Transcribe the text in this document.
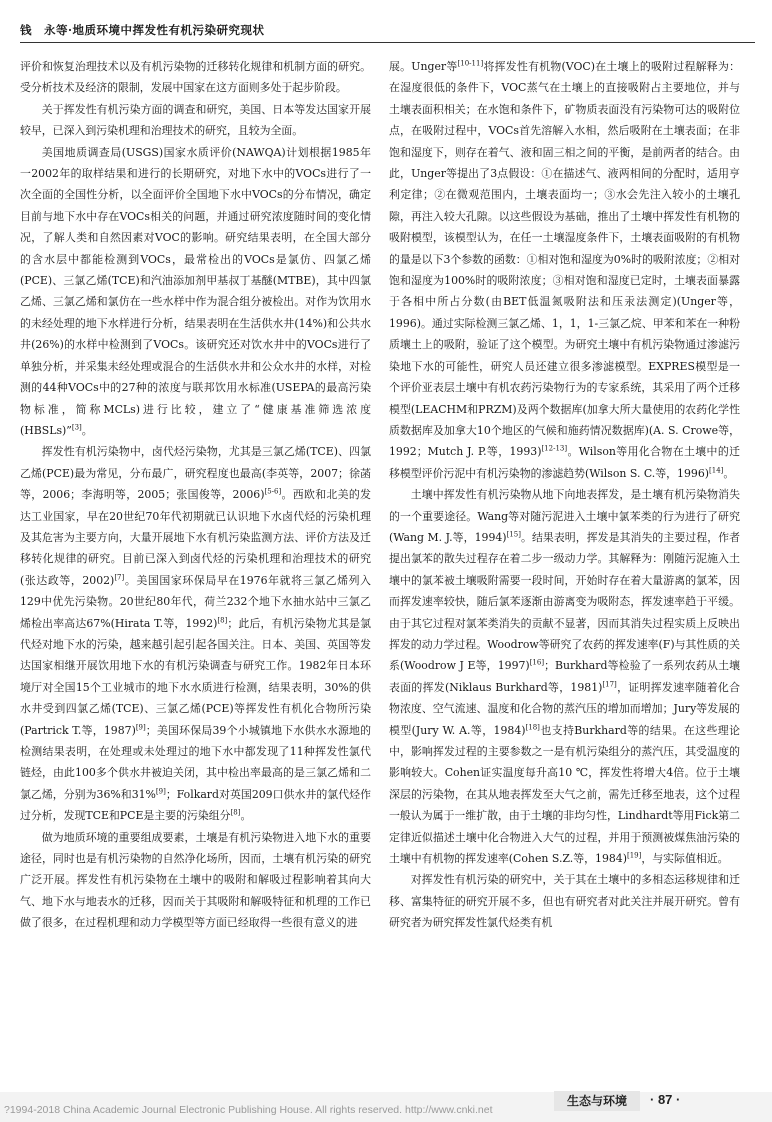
钱　永等·地质环境中挥发性有机污染研究现状

评价和恢复治理技术以及有机污染物的迁移转化规律和机制方面的研究。受分析技术及经济的限制，发展中国家在这方面则多处于起步阶段。

关于挥发性有机污染方面的调查和研究，美国、日本等发达国家开展较早，已深入到污染机理和治理技术的研究，且较为全面。

美国地质调查局(USGS)国家水质评价(NAWQA)计划根据1985年一2002年的取样结果和进行的长期研究，对地下水中的VOCs进行了一次全面的全国性分析，以全面评价全国地下水中VOCs的分布情况，确定目前与地下水中存在VOCs相关的问题，并通过研究浓度随时间的变化情况，了解人类和自然因素对VOC的影响。研究结果表明，在全国大部分的含水层中都能检测到VOCs，最常检出的VOCs是氯仿、四氯乙烯(PCE)、三氯乙烯(TCE)和汽油添加剂甲基叔丁基醚(MTBE)，其中四氯乙烯、三氯乙烯和氯仿在一些水样中作为混合组分被检出。对作为饮用水的未经处理的地下水样进行分析，结果表明在生活供水井(14%)和公共水井(26%)的水样中检测到了VOCs。该研究还对饮水井中的VOCs进行了单独分析，并采集未经处理或混合的生活供水井和公众水井的水样，对检测的44种VOCs中的27种的浓度与联邦饮用水标准(USEPA的最高污染物标准，简称MCLs)进行比较，建立了“健康基准筛选浓度(HBSLs)”[3]。

挥发性有机污染物中，卤代烃污染物，尤其是三氯乙烯(TCE)、四氯乙烯(PCE)最为常见，分布最广，研究程度也最高(李英等，2007；徐菡等，2006；李海明等，2005；张国俊等，2006)[5-6]。西欧和北美的发达工业国家，早在20世纪70年代初期就已认识地下水卤代烃的污染机理及其危害为主要方向，大量开展地下水有机污染监测方法、评价方法及迁移转化规律的研究。目前已深入到卤代烃的污染机理和治理技术的研究(张达政等，2002)[7]。美国国家环保局早在1976年就将三氯乙烯列入129中优先污染物。20世纪80年代，荷兰232个地下水抽水站中三氯乙烯检出率高达67%(Hirata T.等，1992)[8]；此后，有机污染物尤其是氯代烃对地下水的污染，越来越引起引起各国关注。日本、美国、英国等发达国家相继开展饮用地下水的有机污染调查与研究工作。1982年日本环境厅对全国15个工业城市的地下水水质进行检测，结果表明，30%的供水井受到四氯乙烯(TCE)、三氯乙烯(PCE)等挥发性有机化合物所污染(Partrick T.等，1987)[9]；美国环保局39个小城镇地下水供水水源地的检测结果表明，在处理或未处理过的地下水中都发现了11种挥发性氯代链烃，由此100多个供水井被迫关闭，其中检出率最高的是三氯乙烯和二氯乙烯，分别为36%和31%[9]；Folkard对英国209口供水井的氯代烃作过分析，发现TCE和PCE是主要的污染组分[8]。

做为地质环境的重要组成要素，土壤是有机污染物进入地下水的重要途径，同时也是有机污染物的自然净化场所，因而，土壤有机污染的研究广泛开展。挥发性有机污染物在土壤中的吸附和解吸过程影响着其向大气、地下水与地表水的迁移，因而关于其吸附和解吸特征和机理的工作已做了很多，在过程机理和动力学模型等方面已经取得一些很有意义的进

展。Unger等[10-11]将挥发性有机物(VOC)在土壤上的吸附过程解释为：在湿度很低的条件下，VOC蒸气在土壤上的直接吸附占主要地位，并与土壤表面积相关；在水饱和条件下，矿物质表面没有污染物可达的吸附位点，在吸附过程中，VOCs首先溶解入水相，然后吸附在土壤表面；在非饱和湿度下，则存在着气、液和固三相之间的平衡，是前两者的结合。由此，Unger等提出了3点假设：①在描述气、液两相间的分配时，适用亨利定律；②在微观范围内，土壤表面均一；③水会先注入较小的土壤孔隙，再注入较大孔隙。以这些假设为基础，推出了土壤中挥发性有机物的吸附模型，该模型认为，在任一土壤湿度条件下，土壤表面吸附的有机物的量是以下3个参数的函数：①相对饱和湿度为0%时的吸附浓度；②相对饱和湿度为100%时的吸附浓度；③相对饱和湿度已定时，土壤表面暴露于各相中所占分数(由BET低温氮吸附法和压汞法测定)(Unger等，1996)。通过实际检测三氯乙烯、1，1，1-三氯乙烷、甲苯和苯在一种粉质壤土上的吸附，验证了这个模型。为研究土壤中有机污染物通过渗滤污染地下水的可能性，研究人员还建立很多渗滤模型。EXPRES模型是一个评价亚表层土壤中有机农药污染物行为的专家系统，其采用了两个迁移模型(LEACHM和PRZM)及两个数据库(加拿大所大量使用的农药化学性质数据库及加拿大10个地区的气候和施药情况数据库)(A. S. Crowe等，1992；Mutch J. P.等，1993)[12-13]。Wilson等用化合物在土壤中的迁移模型评价污泥中有机污染物的渗滤趋势(Wilson S. C.等，1996)[14]。

土壤中挥发性有机污染物从地下向地表挥发，是土壤有机污染物消失的一个重要途径。Wang等对随污泥进入土壤中氯苯类的行为进行了研究(Wang M. J.等，1994)[15]。结果表明，挥发是其消失的主要过程，作者提出氯苯的散失过程存在着二步一级动力学。其解释为：刚随污泥施入土壤中的氯苯被土壤吸附需要一段时间，开始时存在着大量游离的氯苯，因而挥发速率较快，随后氯苯逐渐由游离变为吸附态，挥发速率趋于平缓。由于其它过程对氯苯类消失的贡献不显著，因而其消失过程实质上反映出挥发的动力学过程。Woodrow等研究了农药的挥发速率(F)与其性质的关系(Woodrow J E等，1997)[16]；Burkhard等检验了一系列农药从土壤表面的挥发(Niklaus Burkhard等，1981)[17]，证明挥发速率随着化合物浓度、空气流速、温度和化合物的蒸汽压的增加而增加；Jury等发展的模型(Jury W. A.等，1984)[18]也支持Burkhard等的结果。在这些理论中，影响挥发过程的主要参数之一是有机污染组分的蒸汽压，其受温度的影响较大。Cohen证实温度每升高10 ℃，挥发性将增大4倍。位于土壤深层的污染物，在其从地表挥发至大气之前，需先迁移至地表，这个过程一般认为属于一维扩散，由于土壤的非均匀性，Lindhardt等用Fick第二定律近似描述土壤中化合物进入大气的过程，并用于预测被煤焦油污染的土壤中有机物的挥发速率(Cohen S.Z.等，1984)[19]，与实际值相近。

对挥发性有机污染的研究中，关于其在土壤中的多相态运移规律和迁移、富集特征的研究开展不多，但也有研究者对此关注并展开研究。曾有研究者为研究挥发性氯代烃类有机

?1994-2018 China Academic Journal Electronic Publishing House. All rights reserved. http://www.cnki.net
生态与环境	· 87 ·
